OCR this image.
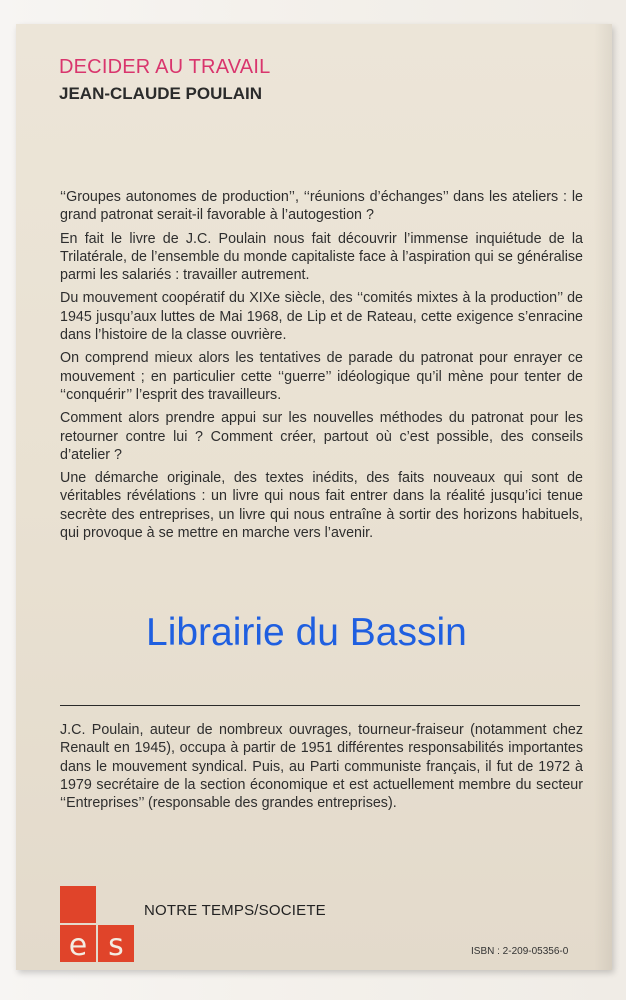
DECIDER AU TRAVAIL
JEAN-CLAUDE POULAIN

‘‘Groupes autonomes de production’’, ‘‘réunions d’échanges’’ dans les ateliers : le grand patronat serait-il favorable à l’autogestion ?

En fait le livre de J.C. Poulain nous fait découvrir l’immense inquiétude de la Trilatérale, de l’ensemble du monde capitaliste face à l’aspiration qui se généralise parmi les salariés : travailler autrement.

Du mouvement coopératif du XIXe siècle, des ‘‘comités mixtes à la production’’ de 1945 jusqu’aux luttes de Mai 1968, de Lip et de Rateau, cette exigence s’enracine dans l’histoire de la classe ouvrière.

On comprend mieux alors les tentatives de parade du patronat pour enrayer ce mouvement ; en particulier cette ‘‘guerre’’ idéologique qu’il mène pour tenter de ‘‘conquérir’’ l’esprit des travailleurs.

Comment alors prendre appui sur les nouvelles méthodes du patronat pour les retourner contre lui ? Comment créer, partout où c’est possible, des conseils d’atelier ?

Une démarche originale, des textes inédits, des faits nouveaux qui sont de véritables révélations : un livre qui nous fait entrer dans la réalité jusqu’ici tenue secrète des entreprises, un livre qui nous entraîne à sortir des horizons habituels, qui provoque à se mettre en marche vers l’avenir.

Librairie du Bassin

J.C. Poulain, auteur de nombreux ouvrages, tourneur-fraiseur (notamment chez Renault en 1945), occupa à partir de 1951 différentes responsabilités importantes dans le mouvement syndical. Puis, au Parti communiste français, il fut de 1972 à 1979 secrétaire de la section économique et est actuellement membre du secteur ‘‘Entreprises’’ (responsable des grandes entreprises).

e s

NOTRE TEMPS/SOCIETE

ISBN : 2-209-05356-0
